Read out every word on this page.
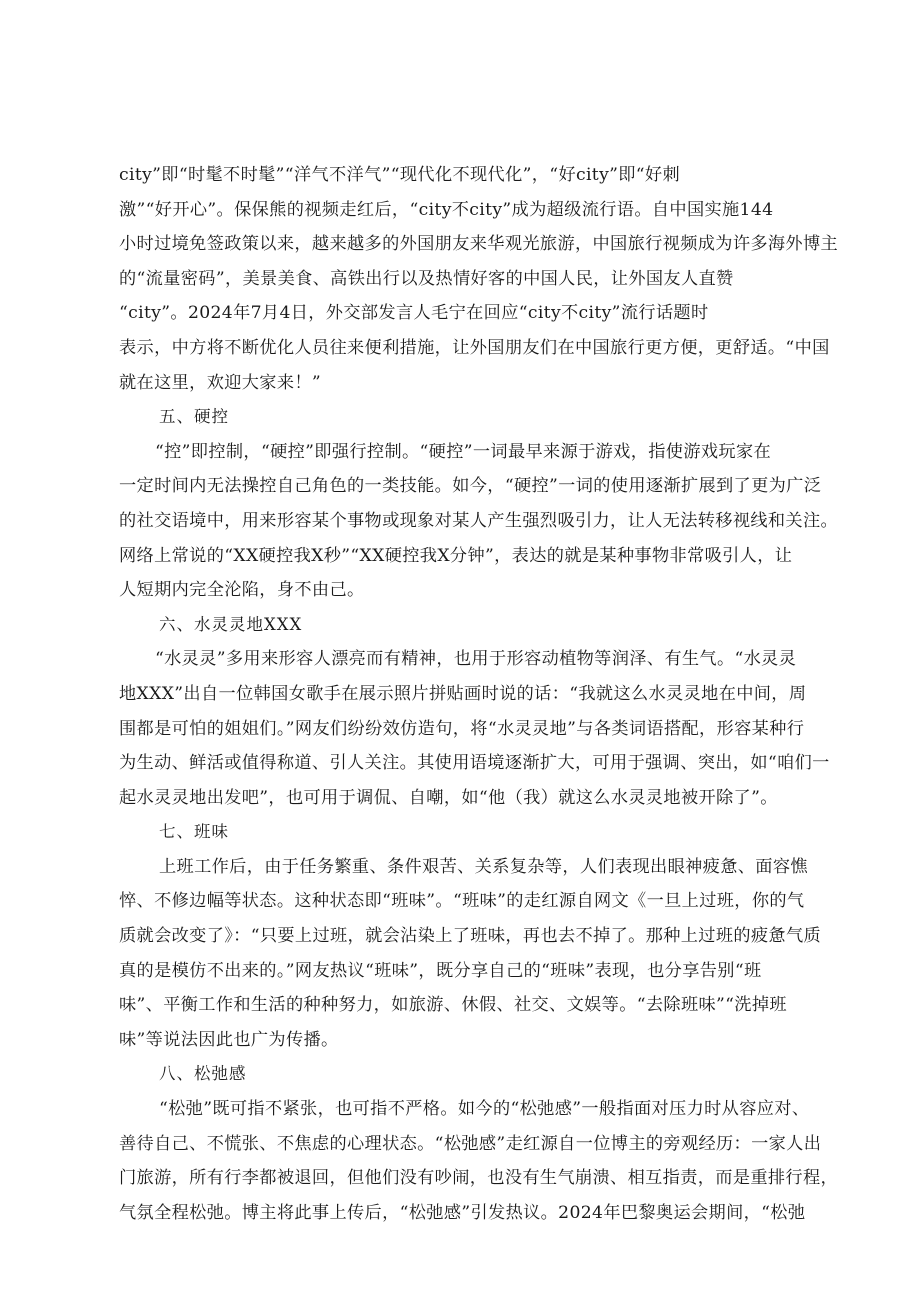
city”即“时髦不时髦”“洋气不洋气”“现代化不现代化”，“好city”即“好刺
激”“好开心”。保保熊的视频走红后，“city不city”成为超级流行语。自中国实施144
小时过境免签政策以来，越来越多的外国朋友来华观光旅游，中国旅行视频成为许多海外博主
的“流量密码”，美景美食、高铁出行以及热情好客的中国人民，让外国友人直赞
“city”。2024年7月4日，外交部发言人毛宁在回应“city不city”流行话题时
表示，中方将不断优化人员往来便利措施，让外国朋友们在中国旅行更方便，更舒适。“中国
就在这里，欢迎大家来！”
五、硬控
“控”即控制，“硬控”即强行控制。“硬控”一词最早来源于游戏，指使游戏玩家在
一定时间内无法操控自己角色的一类技能。如今，“硬控”一词的使用逐渐扩展到了更为广泛
的社交语境中，用来形容某个事物或现象对某人产生强烈吸引力，让人无法转移视线和关注。
网络上常说的“XX硬控我X秒”“XX硬控我X分钟”，表达的就是某种事物非常吸引人，让
人短期内完全沦陷，身不由己。
六、水灵灵地XXX
“水灵灵”多用来形容人漂亮而有精神，也用于形容动植物等润泽、有生气。“水灵灵
地XXX”出自一位韩国女歌手在展示照片拼贴画时说的话：“我就这么水灵灵地在中间，周
围都是可怕的姐姐们。”网友们纷纷效仿造句，将“水灵灵地”与各类词语搭配，形容某种行
为生动、鲜活或值得称道、引人关注。其使用语境逐渐扩大，可用于强调、突出，如“咱们一
起水灵灵地出发吧”，也可用于调侃、自嘲，如“他（我）就这么水灵灵地被开除了”。
七、班味
上班工作后，由于任务繁重、条件艰苦、关系复杂等，人们表现出眼神疲惫、面容憔
悴、不修边幅等状态。这种状态即“班味”。“班味”的走红源自网文《一旦上过班，你的气
质就会改变了》：“只要上过班，就会沾染上了班味，再也去不掉了。那种上过班的疲惫气质
真的是模仿不出来的。”网友热议“班味”，既分享自己的“班味”表现，也分享告别“班
味”、平衡工作和生活的种种努力，如旅游、休假、社交、文娱等。“去除班味”“洗掉班
味”等说法因此也广为传播。
八、松弛感
“松弛”既可指不紧张，也可指不严格。如今的“松弛感”一般指面对压力时从容应对、
善待自己、不慌张、不焦虑的心理状态。“松弛感”走红源自一位博主的旁观经历：一家人出
门旅游，所有行李都被退回，但他们没有吵闹，也没有生气崩溃、相互指责，而是重排行程，
气氛全程松弛。博主将此事上传后，“松弛感”引发热议。2024年巴黎奥运会期间，“松弛
